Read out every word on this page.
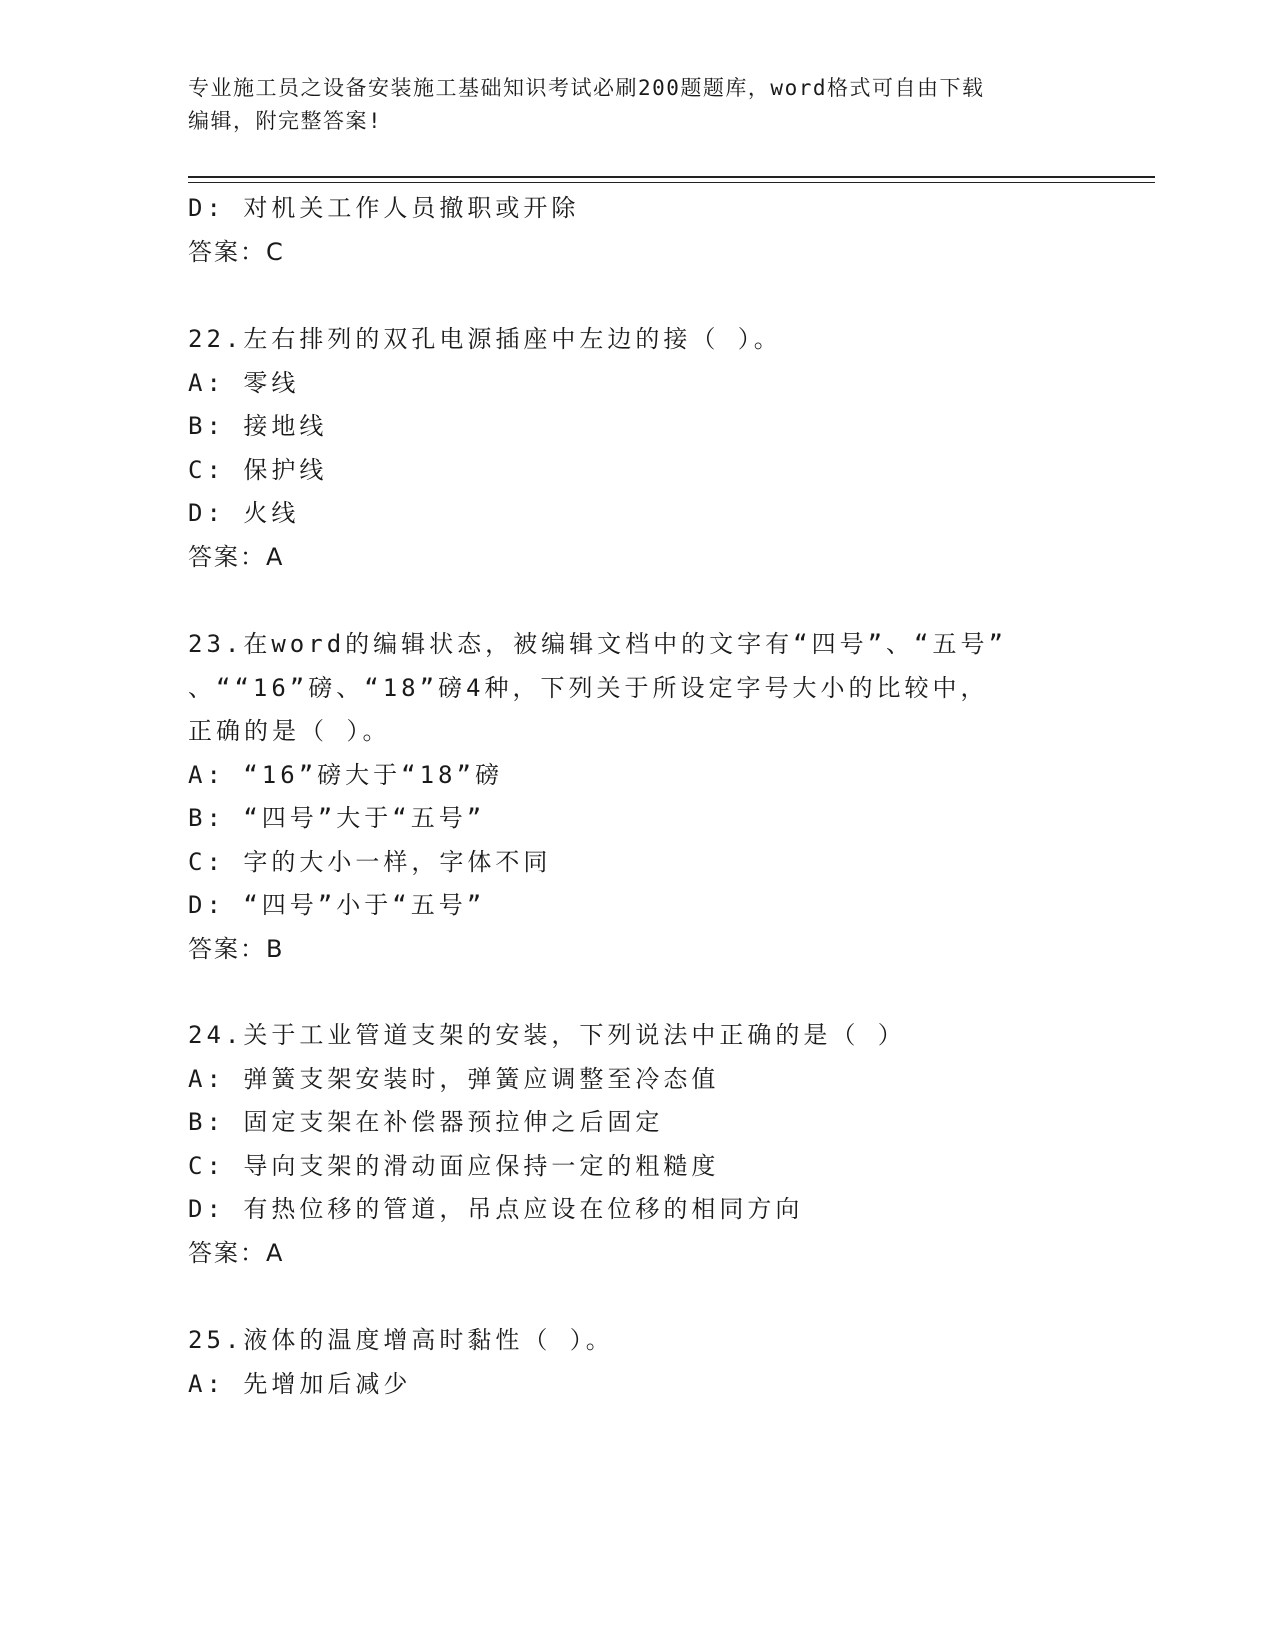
专业施工员之设备安装施工基础知识考试必刷200题题库，word格式可自由下载
编辑，附完整答案!
D: 对机关工作人员撤职或开除
答案：C
22.左右排列的双孔电源插座中左边的接（ ）。
A: 零线
B: 接地线
C: 保护线
D: 火线
答案：A
23.在word的编辑状态，被编辑文档中的文字有“四号”、“五号”
、““16”磅、“18”磅4种，下列关于所设定字号大小的比较中，
正确的是（ ）。
A: “16”磅大于“18”磅
B: “四号”大于“五号”
C: 字的大小一样，字体不同
D: “四号”小于“五号”
答案：B
24.关于工业管道支架的安装，下列说法中正确的是（ ）
A: 弹簧支架安装时，弹簧应调整至冷态值
B: 固定支架在补偿器预拉伸之后固定
C: 导向支架的滑动面应保持一定的粗糙度
D: 有热位移的管道，吊点应设在位移的相同方向
答案：A
25.液体的温度增高时黏性（ ）。
A: 先增加后减少
